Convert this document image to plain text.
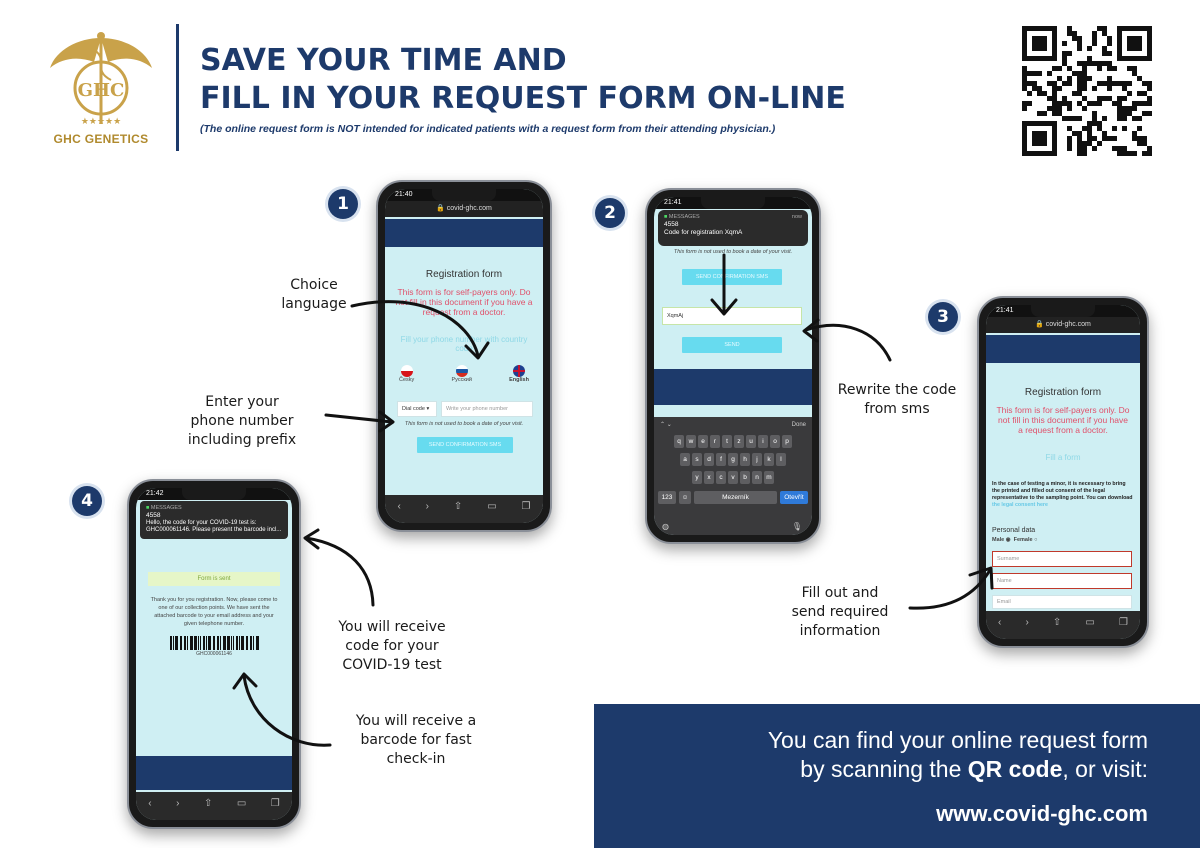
GHC
★★★★★
GHC GENETICS
SAVE YOUR TIME AND
FILL IN YOUR REQUEST FORM ON-LINE
(The online request form is NOT intended for indicated patients with a request form from their attending physician.)
1	2
3
4
21:40
🔒 covid-ghc.com
Registration form
This form is for self-payers only. Do not fill in this document if you have a request from a doctor.
Fill your phone number with country code
Česky	Русский	English
Dial code ▾	Write your phone number
This form is not used to book a date of your visit.
SEND CONFIRMATION SMS
‹ › ⇧ ▭ ❐
21:41
■ MESSAGES	now
4558
Code for registration XqmA
This form is not used to book a date of your visit.
SEND CONFIRMATION SMS
XqmAj
SEND
⌃ ⌄	Done
q	w	e	r	t	z	u	i	o	p
a	s	d	f	g	h	j	k	l
y	x	c	v	b	n	m
123	☺	Mezerník	Otevřít
◍	🎙
21:41
🔒 covid-ghc.com
Registration form
This form is for self-payers only. Do not fill in this document if you have a request from a doctor.
Fill a form
In the case of testing a minor, it is necessary to bring the printed and filled out consent of the legal representative to the sampling point. You can download the legal consent here
Personal data
Male ◉  Female ○
Surname
Name
Email
‹ › ⇧ ▭ ❐
21:42
■ MESSAGES
4558
Hello, the code for your COVID-19 test is: GHC000061146. Please present the barcode incl...
Form is sent
Thank you for you registration. Now, please come to one of our collection points. We have sent the attached barcode to your email address and your given telephone number.
GHC000061146
‹ › ⇧ ▭ ❐
Choice
language
Enter your
phone number
including prefix
Rewrite the code
from sms
Fill out and
send required
information
You will receive
code for your
COVID-19 test
You will receive a
barcode for fast
check-in
You can find your online request form
by scanning the QR code, or visit:
www.covid-ghc.com
